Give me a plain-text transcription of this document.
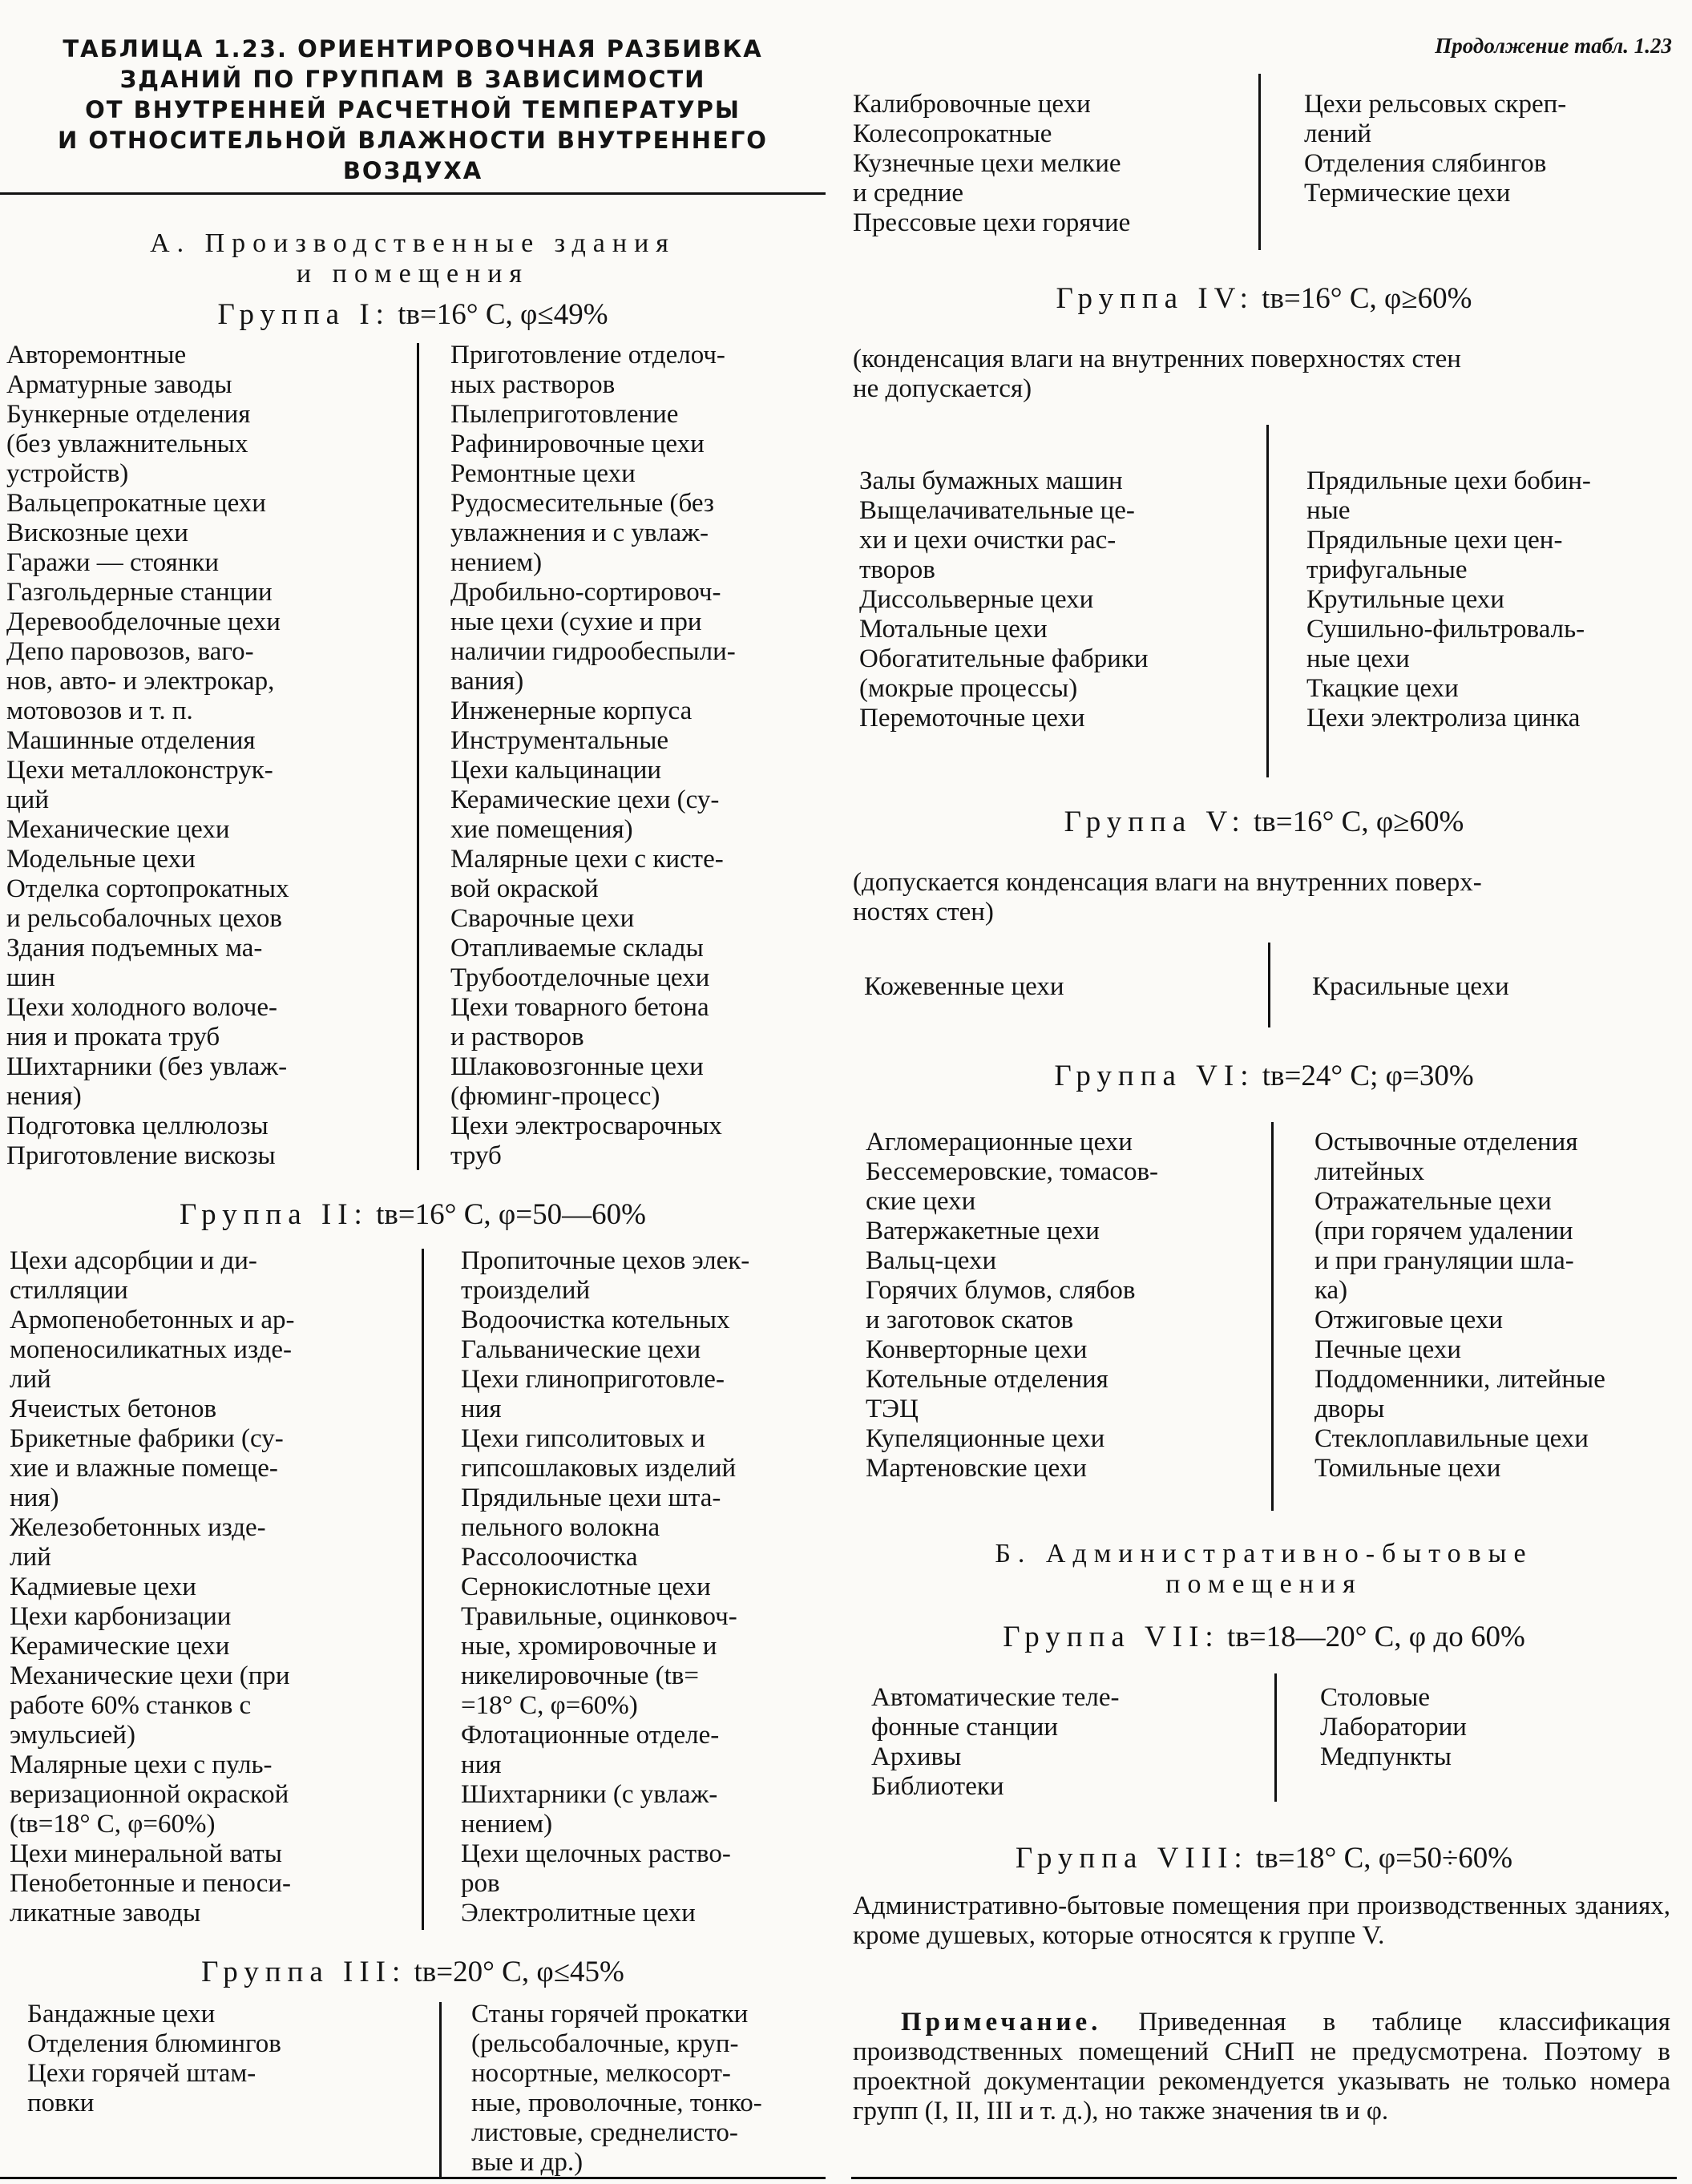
ТАБЛИЦА 1.23. ОРИЕНТИРОВОЧНАЯ РАЗБИВКА
ЗДАНИЙ ПО ГРУППАМ В ЗАВИСИМОСТИ
ОТ ВНУТРЕННЕЙ РАСЧЕТНОЙ ТЕМПЕРАТУРЫ
И ОТНОСИТЕЛЬНОЙ ВЛАЖНОСТИ ВНУТРЕННЕГО
ВОЗДУХА
А. Производственные здания
и помещения
Группа I: tв=16° С, φ≤49%
Авторемонтные
Арматурные заводы
Бункерные отделения
(без увлажнительных
устройств)
Вальцепрокатные цехи
Вискозные цехи
Гаражи — стоянки
Газгольдерные станции
Деревообделочные цехи
Депо паровозов, ваго-
нов, авто- и электрокар,
мотовозов и т. п.
Машинные отделения
Цехи металлоконструк-
ций
Механические цехи
Модельные цехи
Отделка сортопрокатных
и рельсобалочных цехов
Здания подъемных ма-
шин
Цехи холодного волоче-
ния и проката труб
Шихтарники (без увлаж-
нения)
Подготовка целлюлозы
Приготовление вискозы
Приготовление отделоч-
ных растворов
Пылеприготовление
Рафинировочные цехи
Ремонтные цехи
Рудосмесительные (без
увлажнения и с увлаж-
нением)
Дробильно-сортировоч-
ные цехи (сухие и при
наличии гидрообеспыли-
вания)
Инженерные корпуса
Инструментальные
Цехи кальцинации
Керамические цехи (су-
хие помещения)
Малярные цехи с кисте-
вой окраской
Сварочные цехи
Отапливаемые склады
Трубоотделочные цехи
Цехи товарного бетона
и растворов
Шлаковозгонные цехи
(фюминг-процесс)
Цехи электросварочных
труб
Группа II: tв=16° С, φ=50—60%
Цехи адсорбции и ди-
стилляции
Армопенобетонных и ар-
мопеносиликатных изде-
лий
Ячеистых бетонов
Брикетные фабрики (су-
хие и влажные помеще-
ния)
Железобетонных изде-
лий
Кадмиевые цехи
Цехи карбонизации
Керамические цехи
Механические цехи (при
работе 60% станков с
эмульсией)
Малярные цехи с пуль-
веризационной окраской
(tв=18° С, φ=60%)
Цехи минеральной ваты
Пенобетонные и пеноси-
ликатные заводы
Пропиточные цехов элек-
троизделий
Водоочистка котельных
Гальванические цехи
Цехи глиноприготовле-
ния
Цехи гипсолитовых и
гипсошлаковых изделий
Прядильные цехи шта-
пельного волокна
Рассолоочистка
Сернокислотные цехи
Травильные, оцинковоч-
ные, хромировочные и
никелировочные (tв=
=18° С, φ=60%)
Флотационные отделе-
ния
Шихтарники (с увлаж-
нением)
Цехи щелочных раство-
ров
Электролитные цехи
Группа III: tв=20° С, φ≤45%
Бандажные цехи
Отделения блюмингов
Цехи горячей штам-
повки
Станы горячей прокатки
(рельсобалочные, круп-
носортные, мелкосорт-
ные, проволочные, тонко-
листовые, среднелисто-
вые и др.)
Продолжение табл. 1.23
Калибровочные цехи
Колесопрокатные
Кузнечные цехи мелкие
и средние
Прессовые цехи горячие
Цехи рельсовых скреп-
лений
Отделения слябингов
Термические цехи
Группа IV: tв=16° С, φ≥60%
(конденсация влаги на внутренних поверхностях стен
не допускается)
Залы бумажных машин
Выщелачивательные це-
хи и цехи очистки рас-
творов
Диссольверные цехи
Мотальные цехи
Обогатительные фабрики
(мокрые процессы)
Перемоточные цехи
Прядильные цехи бобин-
ные
Прядильные цехи цен-
трифугальные
Крутильные цехи
Сушильно-фильтроваль-
ные цехи
Ткацкие цехи
Цехи электролиза цинка
Группа V: tв=16° С, φ≥60%
(допускается конденсация влаги на внутренних поверх-
ностях стен)
Кожевенные цехи	Красильные цехи
Группа VI: tв=24° С; φ=30%
Агломерационные цехи
Бессемеровские, томасов-
ские цехи
Ватержакетные цехи
Вальц-цехи
Горячих блумов, слябов
и заготовок скатов
Конверторные цехи
Котельные отделения
ТЭЦ
Купеляционные цехи
Мартеновские цехи
Остывочные отделения
литейных
Отражательные цехи
(при горячем удалении
и при грануляции шла-
ка)
Отжиговые цехи
Печные цехи
Поддоменники, литейные
дворы
Стеклоплавильные цехи
Томильные цехи
Б. Административно-бытовые
помещения
Группа VII: tв=18—20° С, φ до 60%
Автоматические теле-
фонные станции
Архивы
Библиотеки
Столовые
Лаборатории
Медпункты
Группа VIII: tв=18° С, φ=50÷60%
Административно-бытовые помещения при производственных зданиях, кроме душевых, которые относятся к группе V.
Примечание. Приведенная в таблице классификация производственных помещений СНиП не предусмотрена. Поэтому в проектной документации рекомендуется указывать не только номера групп (I, II, III и т. д.), но также значения tв и φ.
